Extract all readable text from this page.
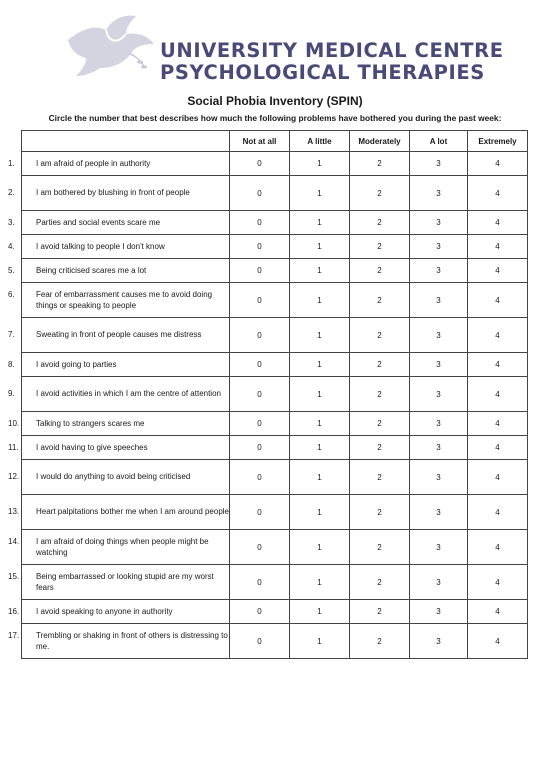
UNIVERSITY MEDICAL CENTRE
PSYCHOLOGICAL THERAPIES
Social Phobia Inventory (SPIN)
Circle the number that best describes how much the following problems have bothered you during the past week:
	Not at all	A little	Moderately	A lot	Extremely

1. I am afraid of people in authority	0	1	2	3	4

2. I am bothered by blushing in front of people	0	1	2	3	4

3. Parties and social events scare me	0	1	2	3	4

4. I avoid talking to people I don't know	0	1	2	3	4

5. Being criticised scares me a lot	0	1	2	3	4

6. Fear of embarrassment causes me to avoid doing things or speaking to people	0	1	2	3	4

7. Sweating in front of people causes me distress	0	1	2	3	4

8. I avoid going to parties	0	1	2	3	4

9. I avoid activities in which I am the centre of attention	0	1	2	3	4

10. Talking to strangers scares me	0	1	2	3	4

11. I avoid having to give speeches	0	1	2	3	4

12. I would do anything to avoid being criticised	0	1	2	3	4

13. Heart palpitations bother me when I am around people	0	1	2	3	4

14. I am afraid of doing things when people might be watching	0	1	2	3	4

15. Being embarrassed or looking stupid are my worst fears	0	1	2	3	4

16. I avoid speaking to anyone in authority	0	1	2	3	4

17. Trembling or shaking in front of others is distressing to me.	0	1	2	3	4
